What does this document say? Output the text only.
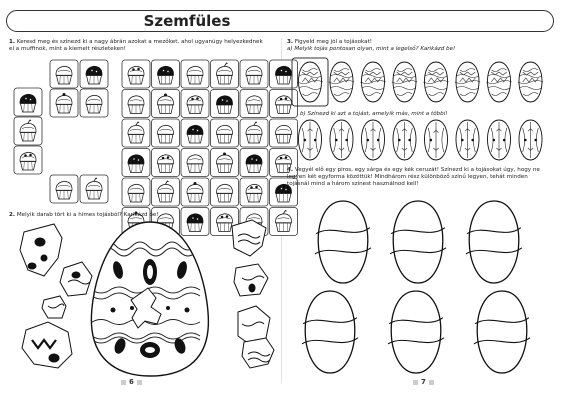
Szemfüles
1. Keresd meg és színezd ki a nagy ábrán azokat a mezőket, ahol ugyanúgy helyezkednek
el a muffinok, mint a kiemelt részleteken!
2. Melyik darab tört ki a hímes tojásból? Karikázd be!
6
3. Figyeld meg jól a tojásokat!
a) Melyik tojás pontosan olyan, mint a legelső? Karikázd be!
b) Színezd ki azt a tojást, amelyik más, mint a többi!
4. Vegyél elő egy piros, egy sárga és egy kék ceruzát! Színezd ki a tojásokat úgy, hogy ne
legyen két egyforma közöttük! Mindhárom rész különböző színű legyen, tehát minden
tojásnál mind a három színest használnod kell!
7
